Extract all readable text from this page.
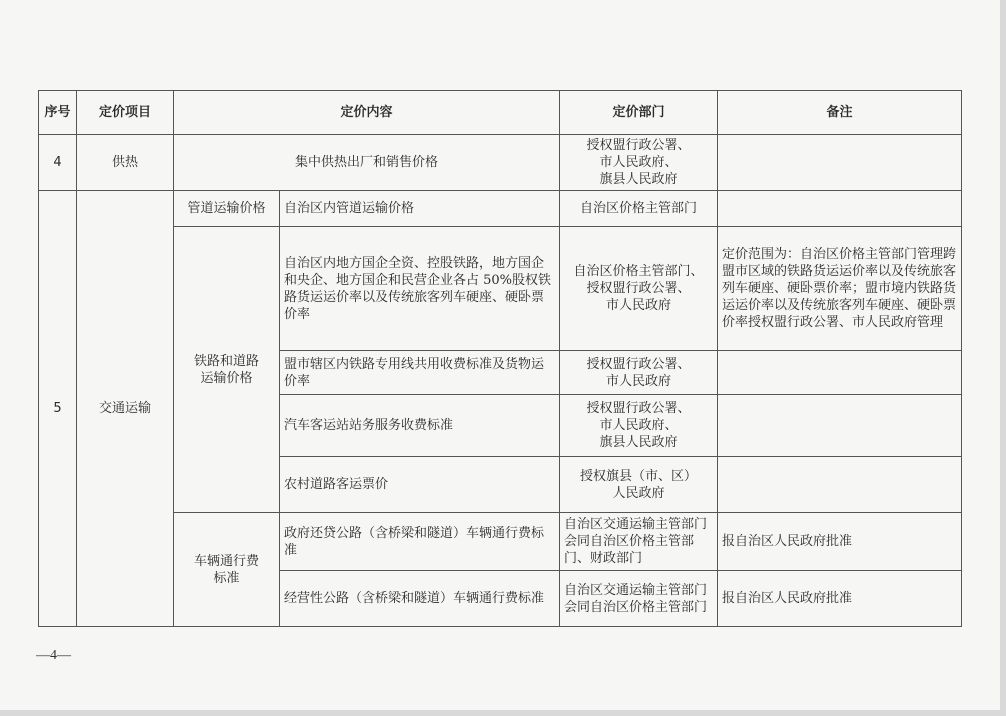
序号	定价项目	定价内容		定价部门	备注
4	供热	集中供热出厂和销售价格		授权盟行政公署、
市人民政府、
旗县人民政府	
5	交通运输	管道运输价格	自治区内管道运输价格	自治区价格主管部门	
		铁路和道路
运输价格	自治区内地方国企全资、控股铁路，地方国企和央企、地方国企和民营企业各占 50%股权铁路货运运价率以及传统旅客列车硬座、硬卧票价率	自治区价格主管部门、
授权盟行政公署、
市人民政府	定价范围为：自治区价格主管部门管理跨盟市区域的铁路货运运价率以及传统旅客列车硬座、硬卧票价率；盟市境内铁路货运运价率以及传统旅客列车硬座、硬卧票价率授权盟行政公署、市人民政府管理
			盟市辖区内铁路专用线共用收费标准及货物运价率	授权盟行政公署、
市人民政府	
			汽车客运站站务服务收费标准	授权盟行政公署、
市人民政府、
旗县人民政府	
			农村道路客运票价	授权旗县（市、区）
人民政府	
		车辆通行费
标准	政府还贷公路（含桥梁和隧道）车辆通行费标准	自治区交通运输主管部门会同自治区价格主管部门、财政部门	报自治区人民政府批准
			经营性公路（含桥梁和隧道）车辆通行费标准	自治区交通运输主管部门会同自治区价格主管部门	报自治区人民政府批准
—4—
